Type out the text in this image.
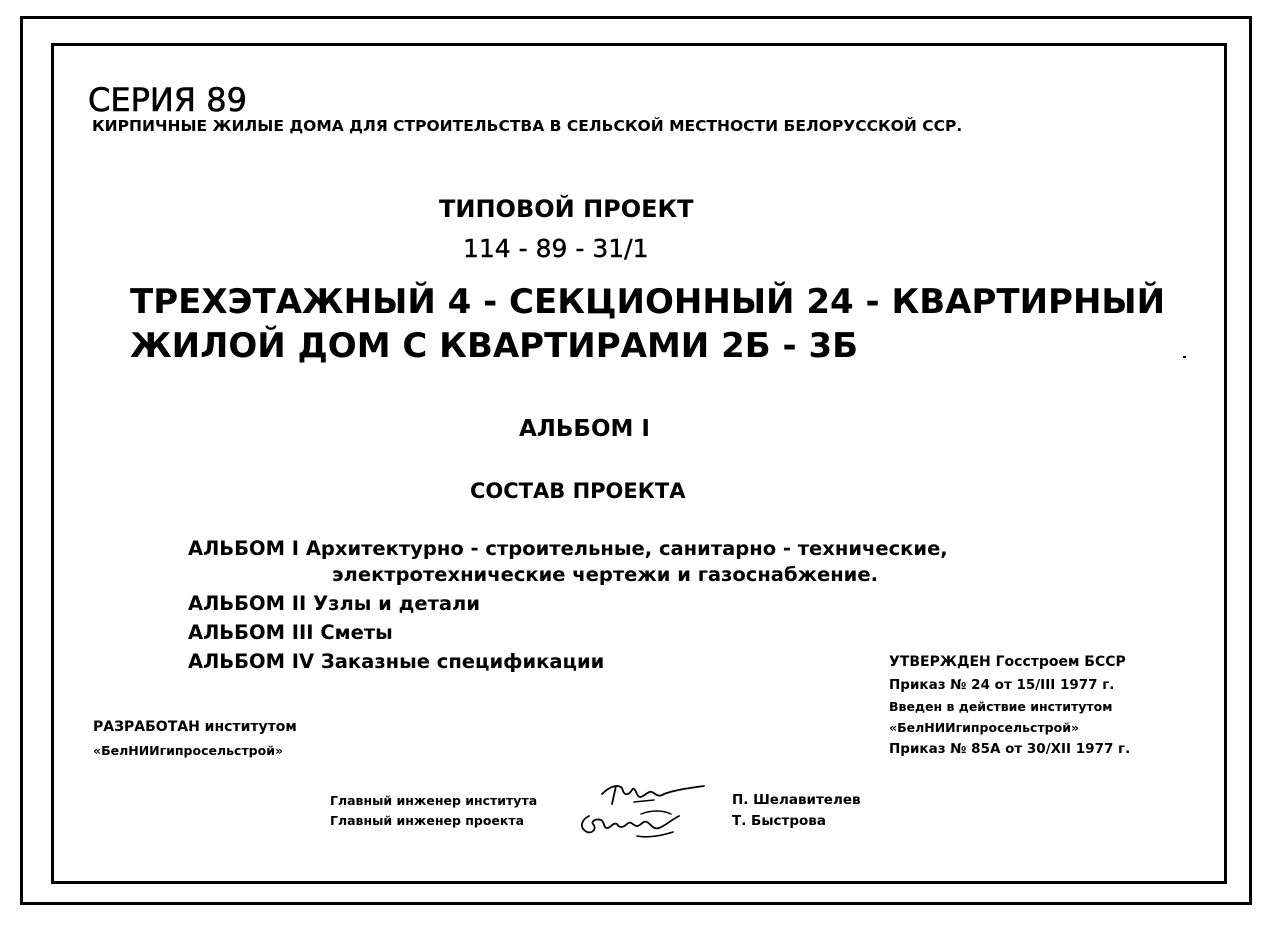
СЕРИЯ 89
КИРПИЧНЫЕ ЖИЛЫЕ ДОМА ДЛЯ СТРОИТЕЛЬСТВА В СЕЛЬСКОЙ МЕСТНОСТИ БЕЛОРУССКОЙ ССР.
ТИПОВОЙ ПРОЕКТ
114 - 89 - 31/1
ТРЕХЭТАЖНЫЙ 4 - СЕКЦИОННЫЙ 24 - КВАРТИРНЫЙ
ЖИЛОЙ ДОМ С КВАРТИРАМИ 2Б - 3Б
АЛЬБОМ I
СОСТАВ ПРОЕКТА
АЛЬБОМ I Архитектурно - строительные, санитарно - технические,
электротехнические чертежи и газоснабжение.
АЛЬБОМ II Узлы и детали
АЛЬБОМ III Сметы
АЛЬБОМ IV Заказные спецификации	УТВЕРЖДЕН Госстроем БССР
Приказ № 24 от 15/III 1977 г.
Введен в действие институтом
«БелНИИгипросельстрой»
Приказ № 85А от 30/XII 1977 г.
РАЗРАБОТАН институтом
«БелНИИгипросельстрой»
Главный инженер института
Главный инженер проекта
П. Шелавителев
Т. Быстрова
